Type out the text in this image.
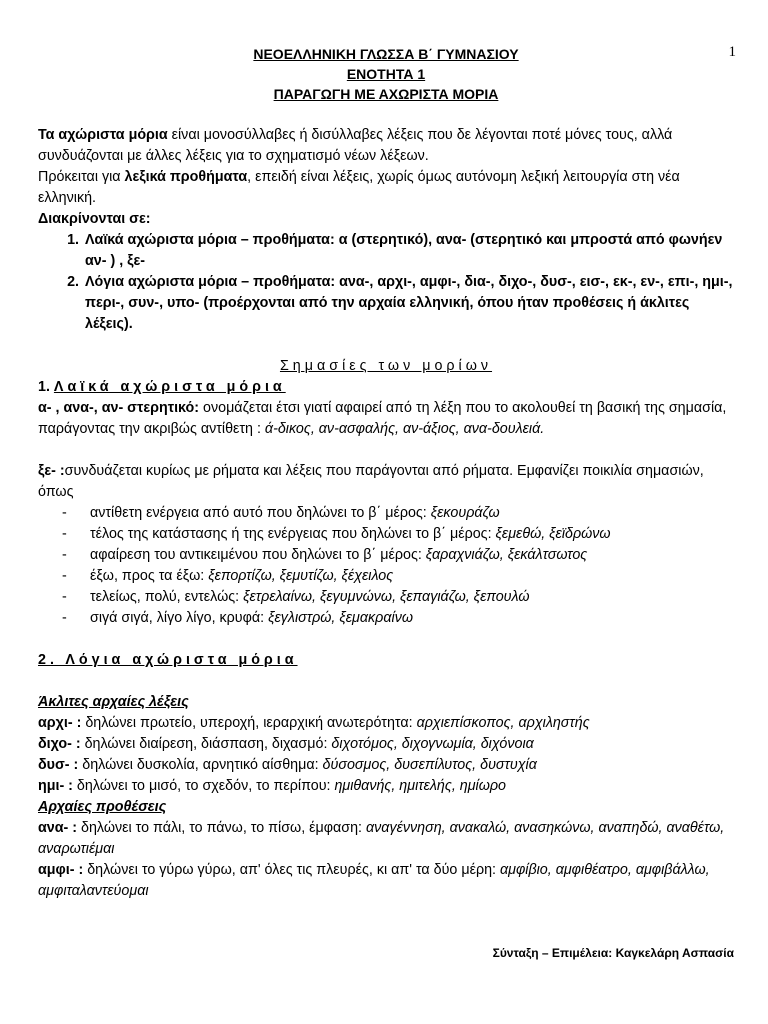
1
ΝΕΟΕΛΛΗΝΙΚΗ ΓΛΩΣΣΑ Β΄ ΓΥΜΝΑΣΙΟΥ
ΕΝΟΤΗΤΑ 1
ΠΑΡΑΓΩΓΗ ΜΕ ΑΧΩΡΙΣΤΑ ΜΟΡΙΑ

Τα αχώριστα μόρια είναι μονοσύλλαβες ή δισύλλαβες λέξεις που δε λέγονται ποτέ μόνες τους, αλλά συνδυάζονται με άλλες λέξεις για το σχηματισμό νέων λέξεων.

Πρόκειται για λεξικά προθήματα, επειδή είναι λέξεις, χωρίς όμως αυτόνομη λεξική λειτουργία στη νέα ελληνική.

Διακρίνονται σε:

1. Λαϊκά αχώριστα μόρια – προθήματα: α (στερητικό), ανα- (στερητικό και μπροστά από φωνήεν αν- ) , ξε-
2. Λόγια αχώριστα μόρια – προθήματα: ανα-, αρχι-, αμφι-, δια-, διχο-, δυσ-, εισ-, εκ-, εν-, επι-, ημι-, περι-, συν-, υπο- (προέρχονται από την αρχαία ελληνική, όπου ήταν προθέσεις ή άκλιτες λέξεις).

Σημασίες των μορίων

1. Λαϊκά αχώριστα μόρια

α- , ανα-, αν- στερητικό: ονομάζεται έτσι γιατί αφαιρεί από τη λέξη που το ακολουθεί τη βασική της σημασία, παράγοντας την ακριβώς αντίθετη : ά-δικος, αν-ασφαλής, αν-άξιος, ανα-δουλειά.

ξε- :συνδυάζεται κυρίως με ρήματα και λέξεις που παράγονται από ρήματα. Εμφανίζει ποικιλία σημασιών, όπως

- αντίθετη ενέργεια από αυτό που δηλώνει το β΄ μέρος: ξεκουράζω
- τέλος της κατάστασης ή της ενέργειας που δηλώνει το β΄ μέρος: ξεμεθώ, ξεϊδρώνω
- αφαίρεση του αντικειμένου που δηλώνει το β΄ μέρος: ξαραχνιάζω, ξεκάλτσωτος
- έξω, προς τα έξω: ξεπορτίζω, ξεμυτίζω, ξέχειλος
- τελείως, πολύ, εντελώς: ξετρελαίνω, ξεγυμνώνω, ξεπαγιάζω, ξεπουλώ
- σιγά σιγά, λίγο λίγο, κρυφά: ξεγλιστρώ, ξεμακραίνω

2. Λόγια αχώριστα μόρια

Άκλιτες αρχαίες λέξεις

αρχι- : δηλώνει πρωτείο, υπεροχή, ιεραρχική ανωτερότητα: αρχιεπίσκοπος, αρχιληστής

διχο- : δηλώνει διαίρεση, διάσπαση, διχασμό: διχοτόμος, διχογνωμία, διχόνοια

δυσ- : δηλώνει δυσκολία, αρνητικό αίσθημα: δύσοσμος, δυσεπίλυτος, δυστυχία

ημι- : δηλώνει το μισό, το σχεδόν, το περίπου: ημιθανής, ημιτελής, ημίωρο

Αρχαίες προθέσεις

ανα- : δηλώνει το πάλι, το πάνω, το πίσω, έμφαση: αναγέννηση, ανακαλώ, ανασηκώνω, αναπηδώ, αναθέτω, αναρωτιέμαι

αμφι- : δηλώνει το γύρω γύρω, απ' όλες τις πλευρές, κι απ' τα δύο μέρη: αμφίβιο, αμφιθέατρο, αμφιβάλλω, αμφιταλαντεύομαι

Σύνταξη – Επιμέλεια: Καγκελάρη Ασπασία
